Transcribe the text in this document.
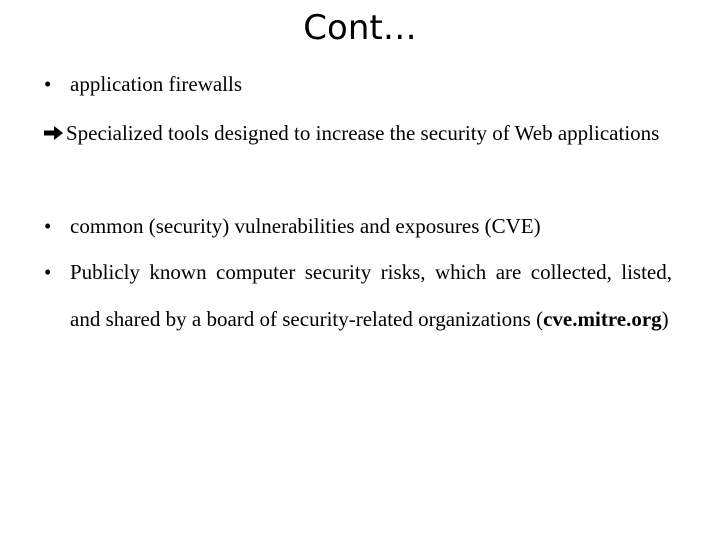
Cont…
• application firewalls
Specialized tools designed to increase the security of Web applications
• common (security) vulnerabilities and exposures (CVE)
• Publicly known computer security risks, which are collected, listed, and shared by a board of security-related organizations (cve.mitre.org)
